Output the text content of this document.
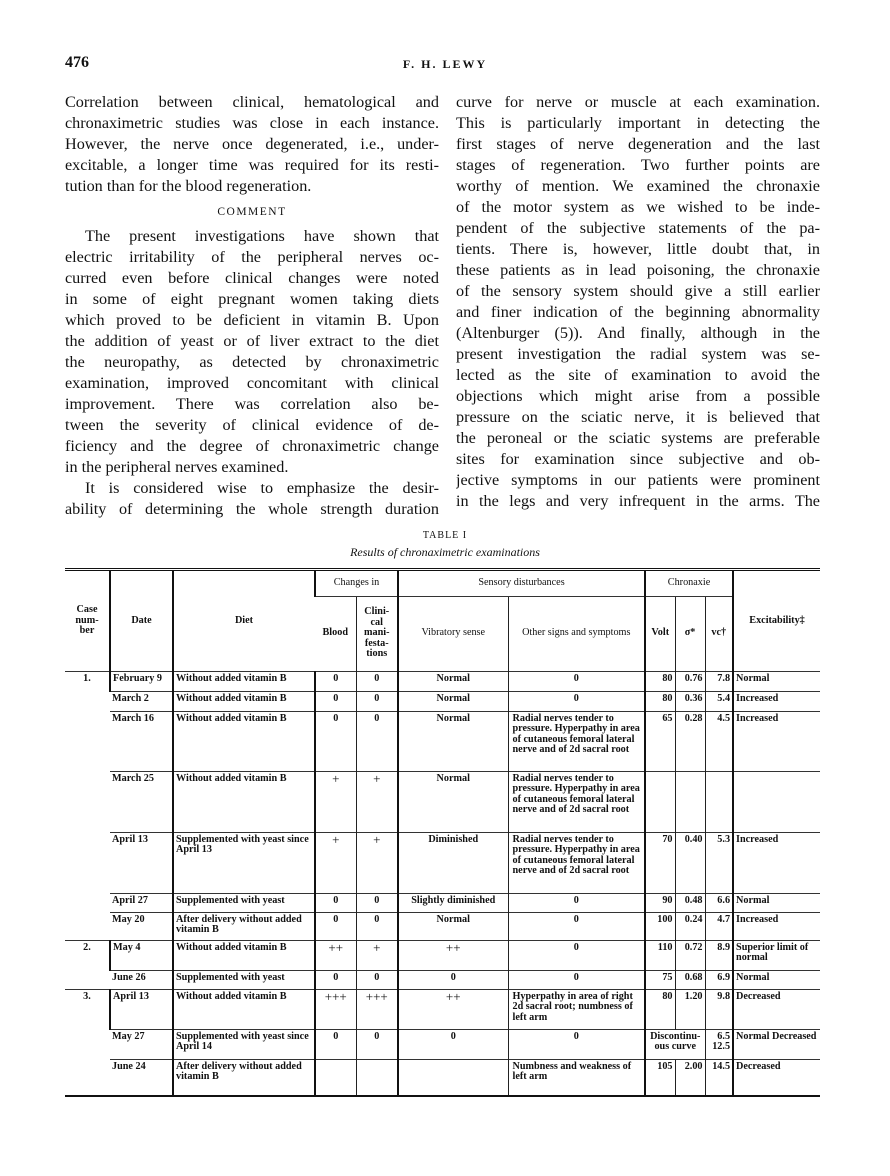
476	F. H. LEWY
Correlation between clinical, hematological and
chronaximetric studies was close in each instance.
However, the nerve once degenerated, i.e., under-
excitable, a longer time was required for its resti-
tution than for the blood regeneration.
COMMENT
The present investigations have shown that
electric irritability of the peripheral nerves oc-
curred even before clinical changes were noted
in some of eight pregnant women taking diets
which proved to be deficient in vitamin B. Upon
the addition of yeast or of liver extract to the diet
the neuropathy, as detected by chronaximetric
examination, improved concomitant with clinical
improvement. There was correlation also be-
tween the severity of clinical evidence of de-
ficiency and the degree of chronaximetric change
in the peripheral nerves examined.
It is considered wise to emphasize the desir-
ability of determining the whole strength duration
curve for nerve or muscle at each examination.
This is particularly important in detecting the
first stages of nerve degeneration and the last
stages of regeneration. Two further points are
worthy of mention. We examined the chronaxie
of the motor system as we wished to be inde-
pendent of the subjective statements of the pa-
tients. There is, however, little doubt that, in
these patients as in lead poisoning, the chronaxie
of the sensory system should give a still earlier
and finer indication of the beginning abnormality
(Altenburger (5)). And finally, although in the
present investigation the radial system was se-
lected as the site of examination to avoid the
objections which might arise from a possible
pressure on the sciatic nerve, it is believed that
the peroneal or the sciatic systems are preferable
sites for examination since subjective and ob-
jective symptoms in our patients were prominent
in the legs and very infrequent in the arms. The
TABLE I
Results of chronaximetric examinations
Case num- ber	Date	Diet	Changes in		Sensory disturbances		Chronaxie			Excitability‡
			Blood	Clini- cal mani- festa- tions	Vibratory sense	Other signs and symptoms	Volt	σ*	vc†	
1.	February 9	Without added vitamin B	0	0	Normal	0	80	0.76	7.8	Normal
	March 2	Without added vitamin B	0	0	Normal	0	80	0.36	5.4	Increased
	March 16	Without added vitamin B	0	0	Normal	Radial nerves tender to pressure. Hyperpathy in area of cutaneous femoral lateral nerve and of 2d sacral root	65	0.28	4.5	Increased
	March 25	Without added vitamin B	+	+	Normal	Radial nerves tender to pressure. Hyperpathy in area of cutaneous femoral lateral nerve and of 2d sacral root				
	April 13	Supplemented with yeast since April 13	+	+	Diminished	Radial nerves tender to pressure. Hyperpathy in area of cutaneous femoral lateral nerve and of 2d sacral root	70	0.40	5.3	Increased
	April 27	Supplemented with yeast	0	0	Slightly diminished	0	90	0.48	6.6	Normal
	May 20	After delivery without added vitamin B	0	0	Normal	0	100	0.24	4.7	Increased
2.	May 4	Without added vitamin B	++	+	++	0	110	0.72	8.9	Superior limit of normal
	June 26	Supplemented with yeast	0	0	0	0	75	0.68	6.9	Normal
3.	April 13	Without added vitamin B	+++	+++	++	Hyperpathy in area of right 2d sacral root; numbness of left arm	80	1.20	9.8	Decreased
	May 27	Supplemented with yeast since April 14	0	0	0	0	Discontinu- ous curve		6.5 12.5	Normal Decreased
	June 24	After delivery without added vitamin B				Numbness and weakness of left arm	105	2.00	14.5	Decreased
